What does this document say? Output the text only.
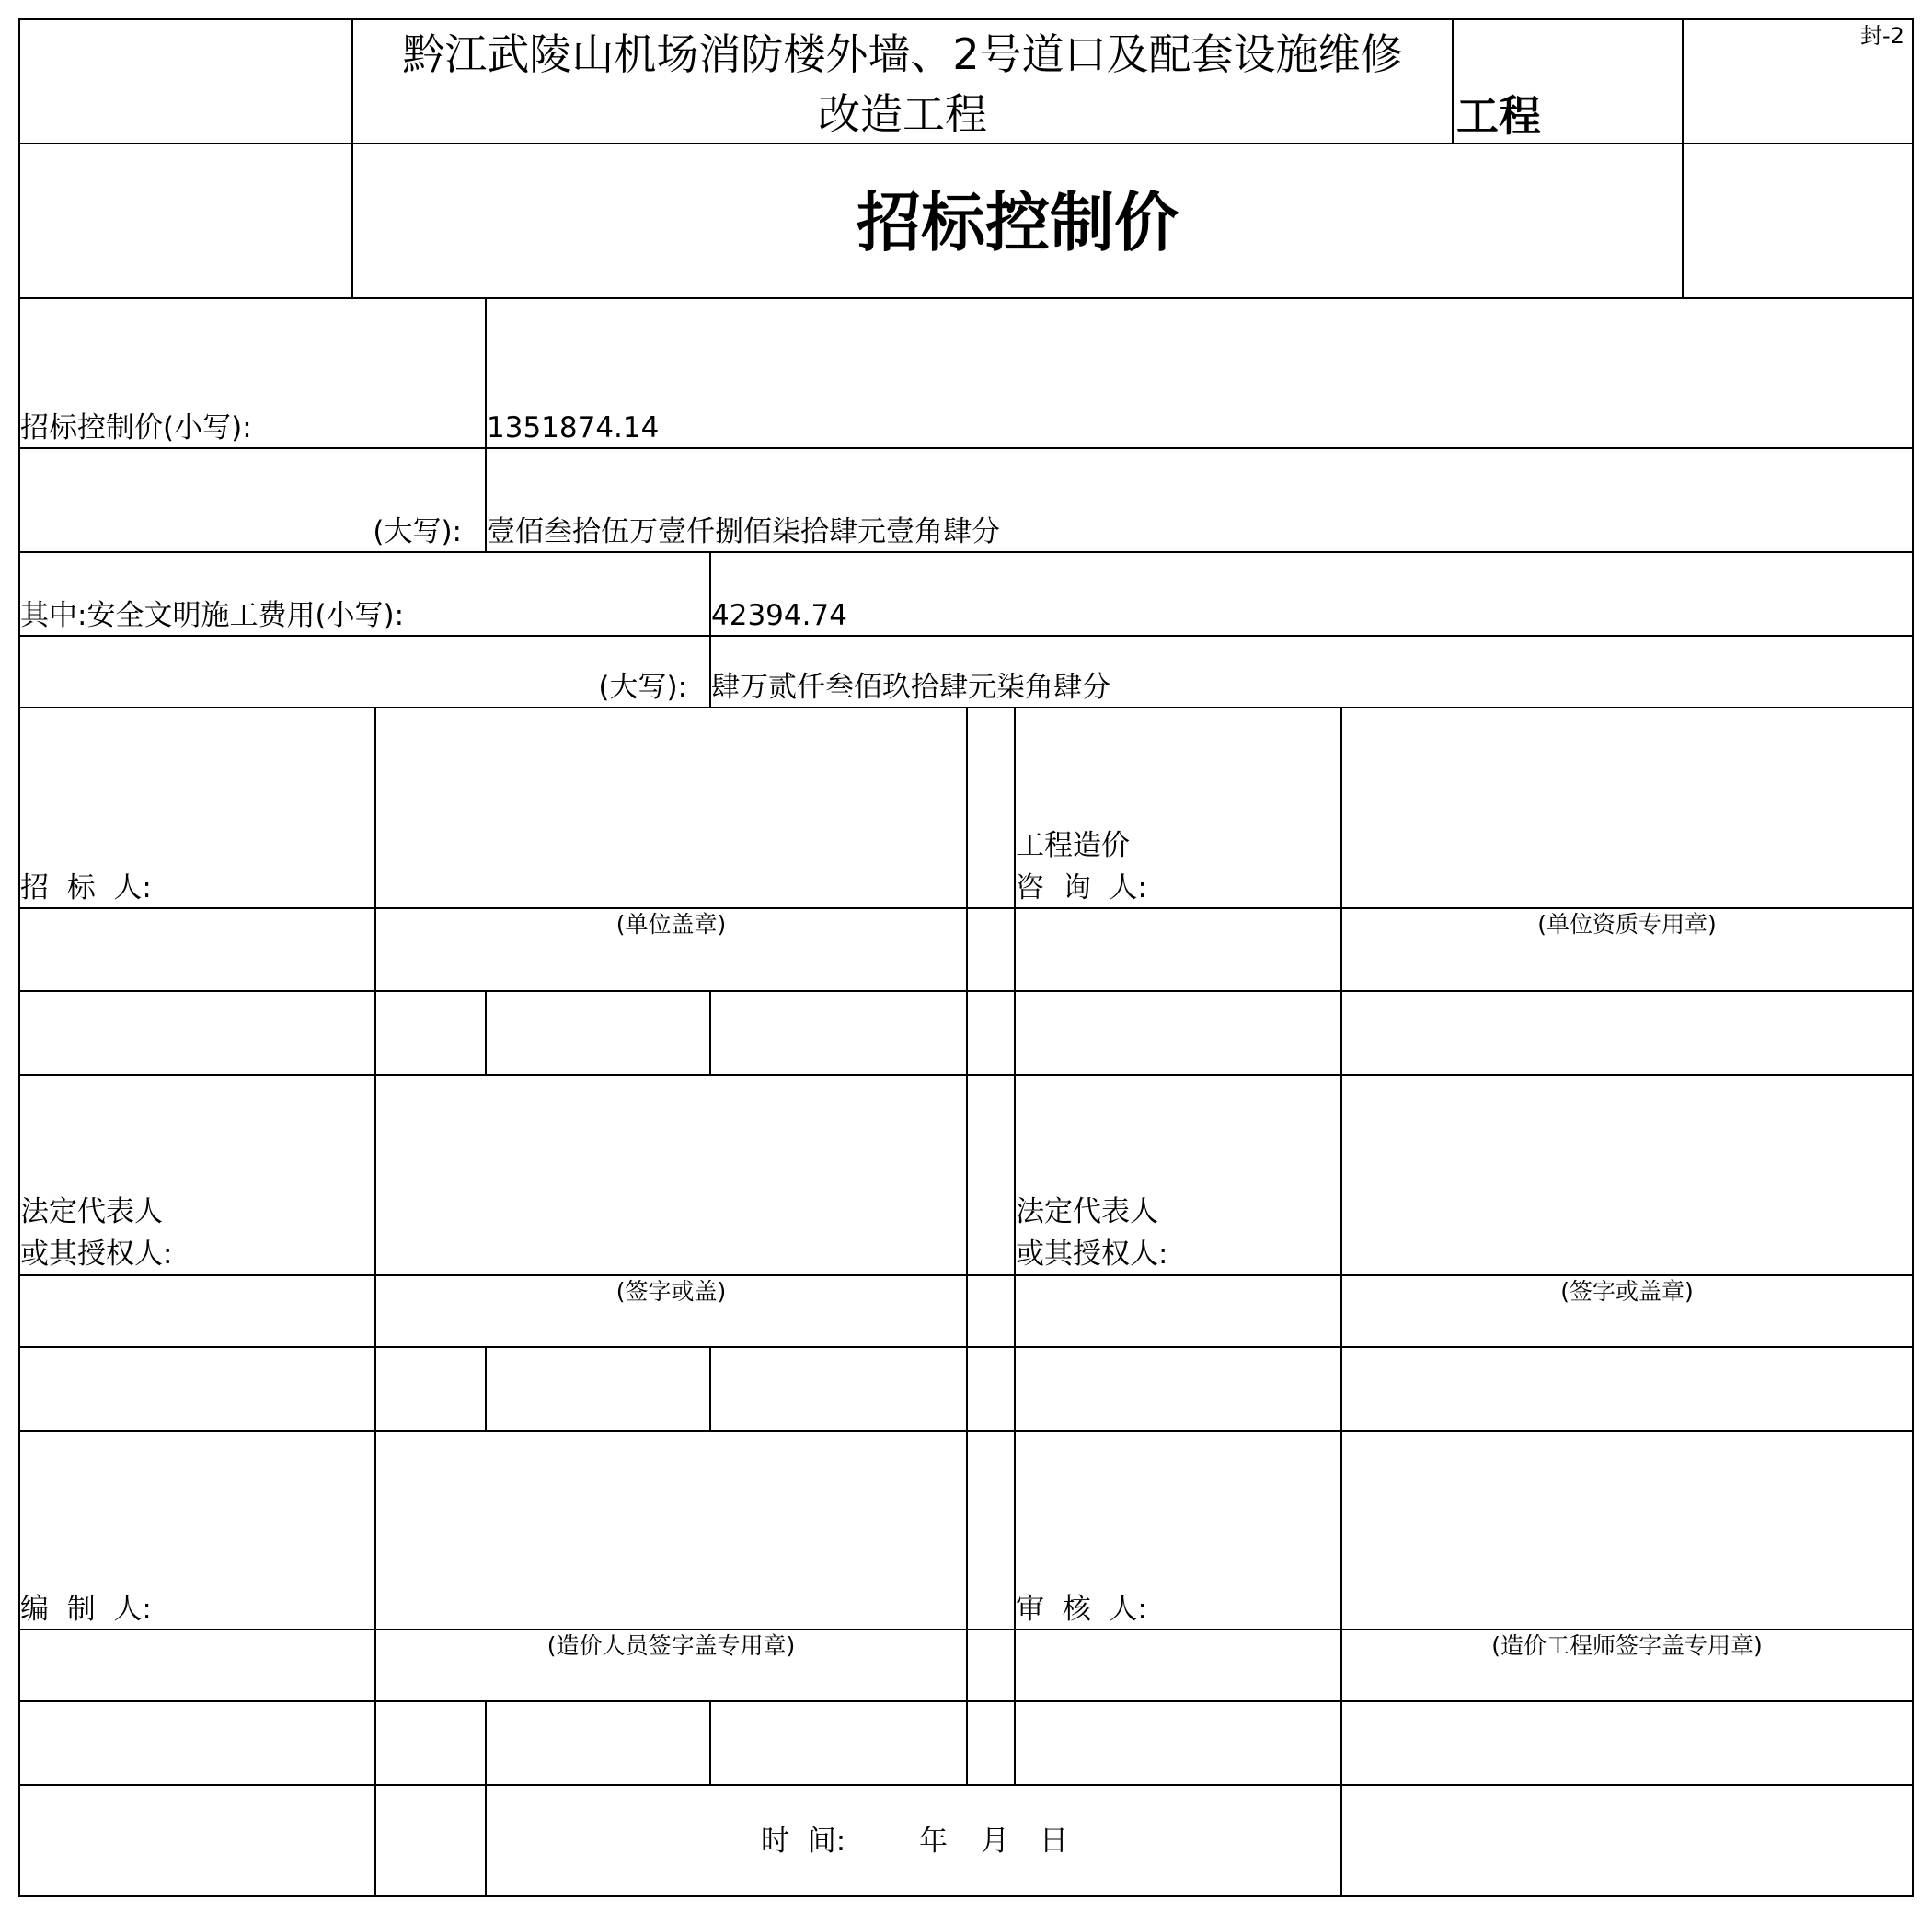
封-2
黔江武陵山机场消防楼外墙、2号道口及配套设施维修
改造工程	工程
招标控制价
招标控制价(小写):	1351874.14
(大写): 壹佰叁拾伍万壹仟捌佰柒拾肆元壹角肆分
其中:安全文明施工费用(小写):	42394.74
(大写): 肆万贰仟叁佰玖拾肆元柒角肆分
招  标  人:
(单位盖章)
工程造价
咨  询  人:
(单位资质专用章)
法定代表人
或其授权人:
(签字或盖)
法定代表人
或其授权人:
(签字或盖章)
编  制  人:
(造价人员签字盖专用章)
审  核  人:
(造价工程师签字盖专用章)
时  间:	年 月 日
